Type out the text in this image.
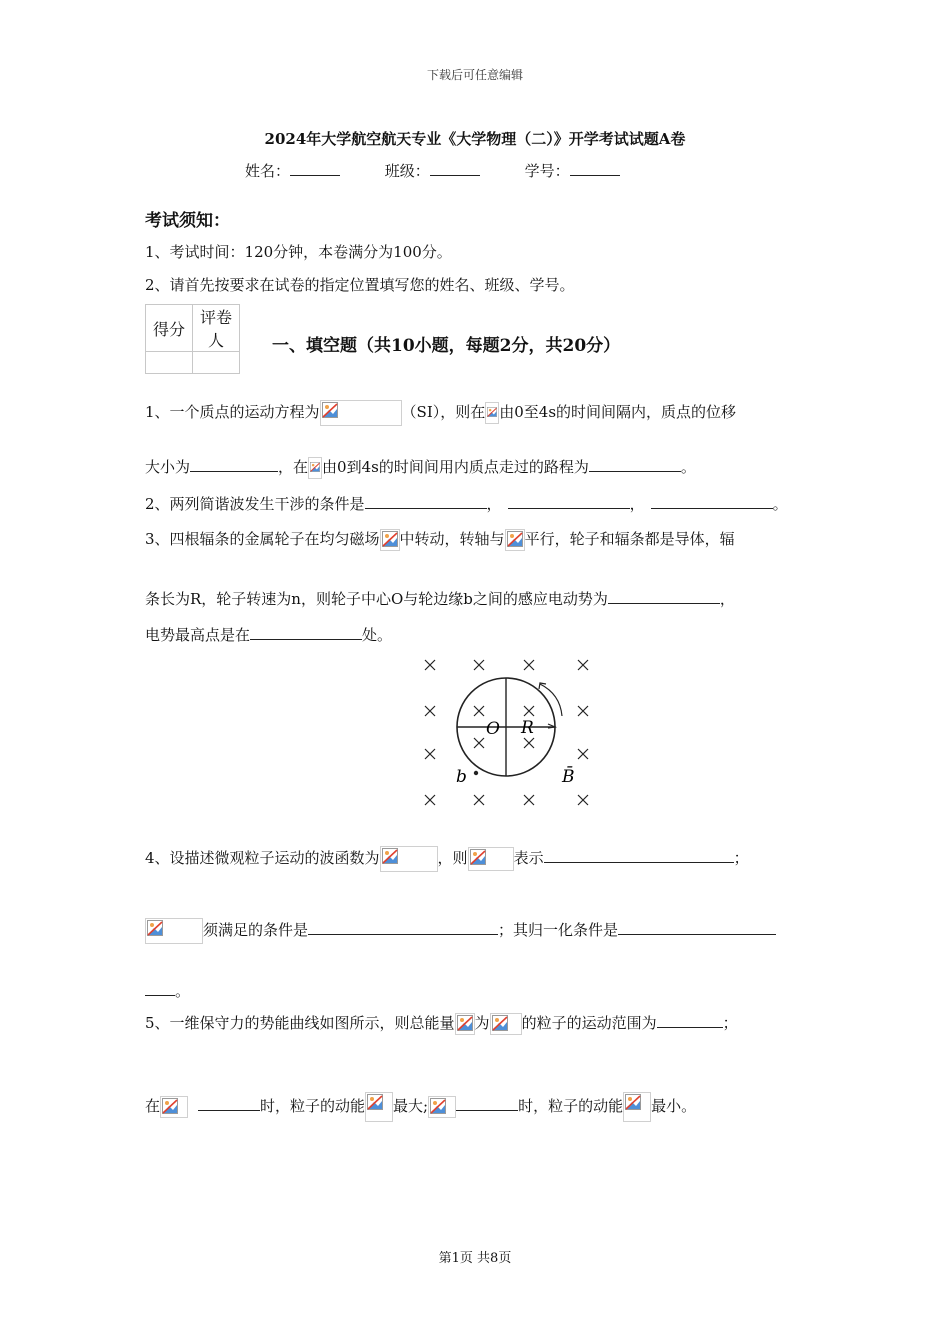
下载后可任意编辑
2024年大学航空航天专业《大学物理（二）》开学考试试题A卷
姓名：	班级：	学号：
考试须知：
1、考试时间：120分钟，本卷满分为100分。
2、请首先按要求在试卷的指定位置填写您的姓名、班级、学号。
得分	评卷人
		一、填空题（共10小题，每题2分，共20分）
1、一个质点的运动方程为	（SI），则在 由0至4s的时间间隔内，质点的位移
大小为	，在 由0到4s的时间间用内质点走过的路程为	。
2、两列简谐波发生干涉的条件是	，	，	。
3、四根辐条的金属轮子在均匀磁场 中转动，转轴与 平行，轮子和辐条都是导体，辐
条长为R，轮子转速为n，则轮子中心O与轮边缘b之间的感应电动势为	，
电势最高点是在	处。
O R
b	B̄
4、设描述微观粒子运动的波函数为	，则	表示	；
须满足的条件是	；其归一化条件是
。
5、一维保守力的势能曲线如图所示，则总能量 为 的粒子的运动范围为	；
在	时，粒子的动能 最大;	时，粒子的动能 最小。
第1页 共8页
